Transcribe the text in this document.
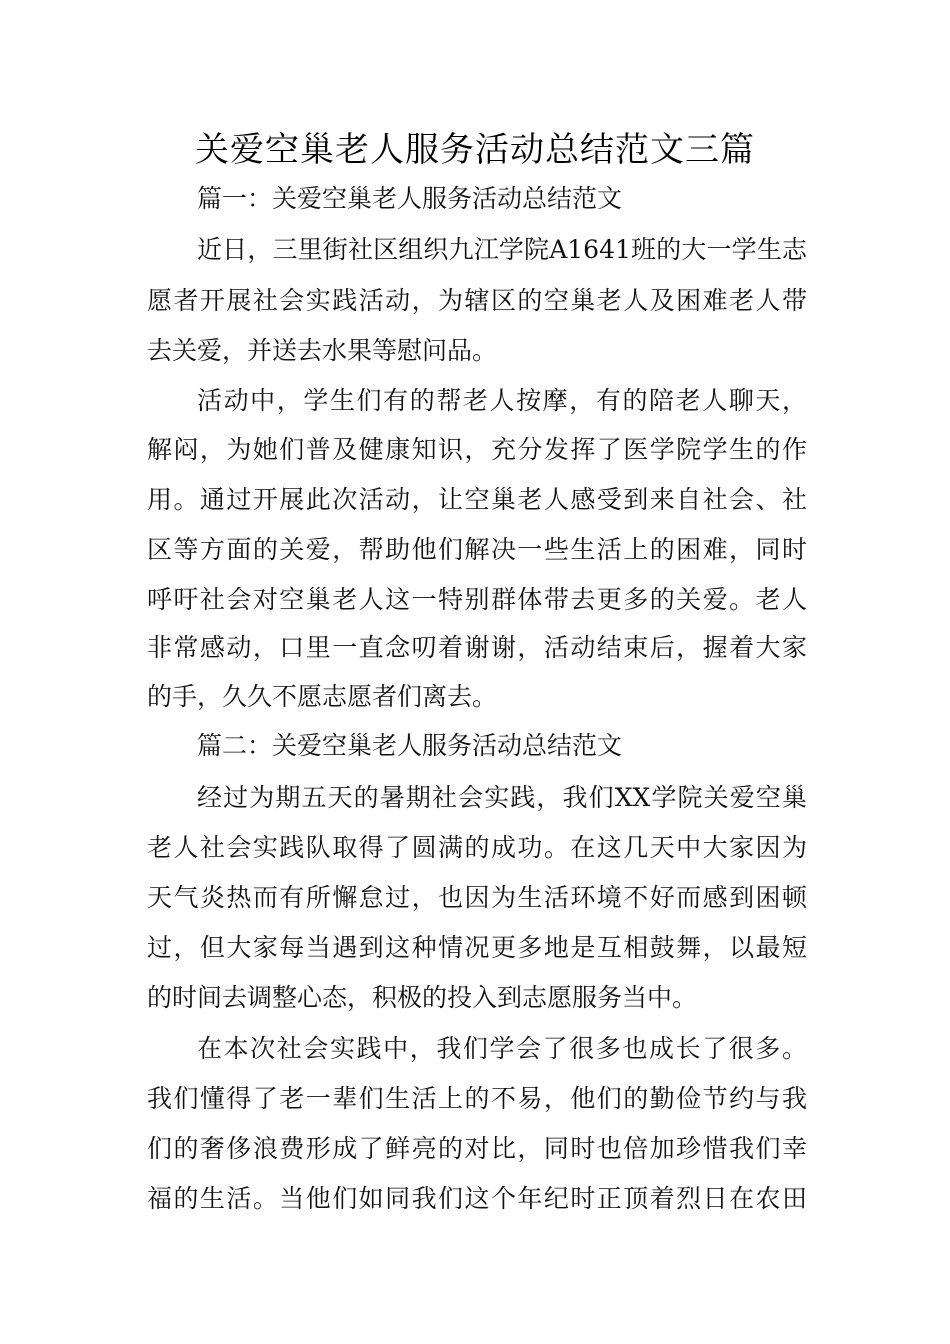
关爱空巢老人服务活动总结范文三篇
篇一：关爱空巢老人服务活动总结范文
近日，三里街社区组织九江学院A1641班的大一学生志
愿者开展社会实践活动，为辖区的空巢老人及困难老人带
去关爱，并送去水果等慰问品。
活动中，学生们有的帮老人按摩，有的陪老人聊天，
解闷，为她们普及健康知识，充分发挥了医学院学生的作
用。通过开展此次活动，让空巢老人感受到来自社会、社
区等方面的关爱，帮助他们解决一些生活上的困难，同时
呼吁社会对空巢老人这一特别群体带去更多的关爱。老人
非常感动，口里一直念叨着谢谢，活动结束后，握着大家
的手，久久不愿志愿者们离去。
篇二：关爱空巢老人服务活动总结范文
经过为期五天的暑期社会实践，我们XX学院关爱空巢
老人社会实践队取得了圆满的成功。在这几天中大家因为
天气炎热而有所懈怠过，也因为生活环境不好而感到困顿
过，但大家每当遇到这种情况更多地是互相鼓舞，以最短
的时间去调整心态，积极的投入到志愿服务当中。
在本次社会实践中，我们学会了很多也成长了很多。
我们懂得了老一辈们生活上的不易，他们的勤俭节约与我
们的奢侈浪费形成了鲜亮的对比，同时也倍加珍惜我们幸
福的生活。当他们如同我们这个年纪时正顶着烈日在农田
